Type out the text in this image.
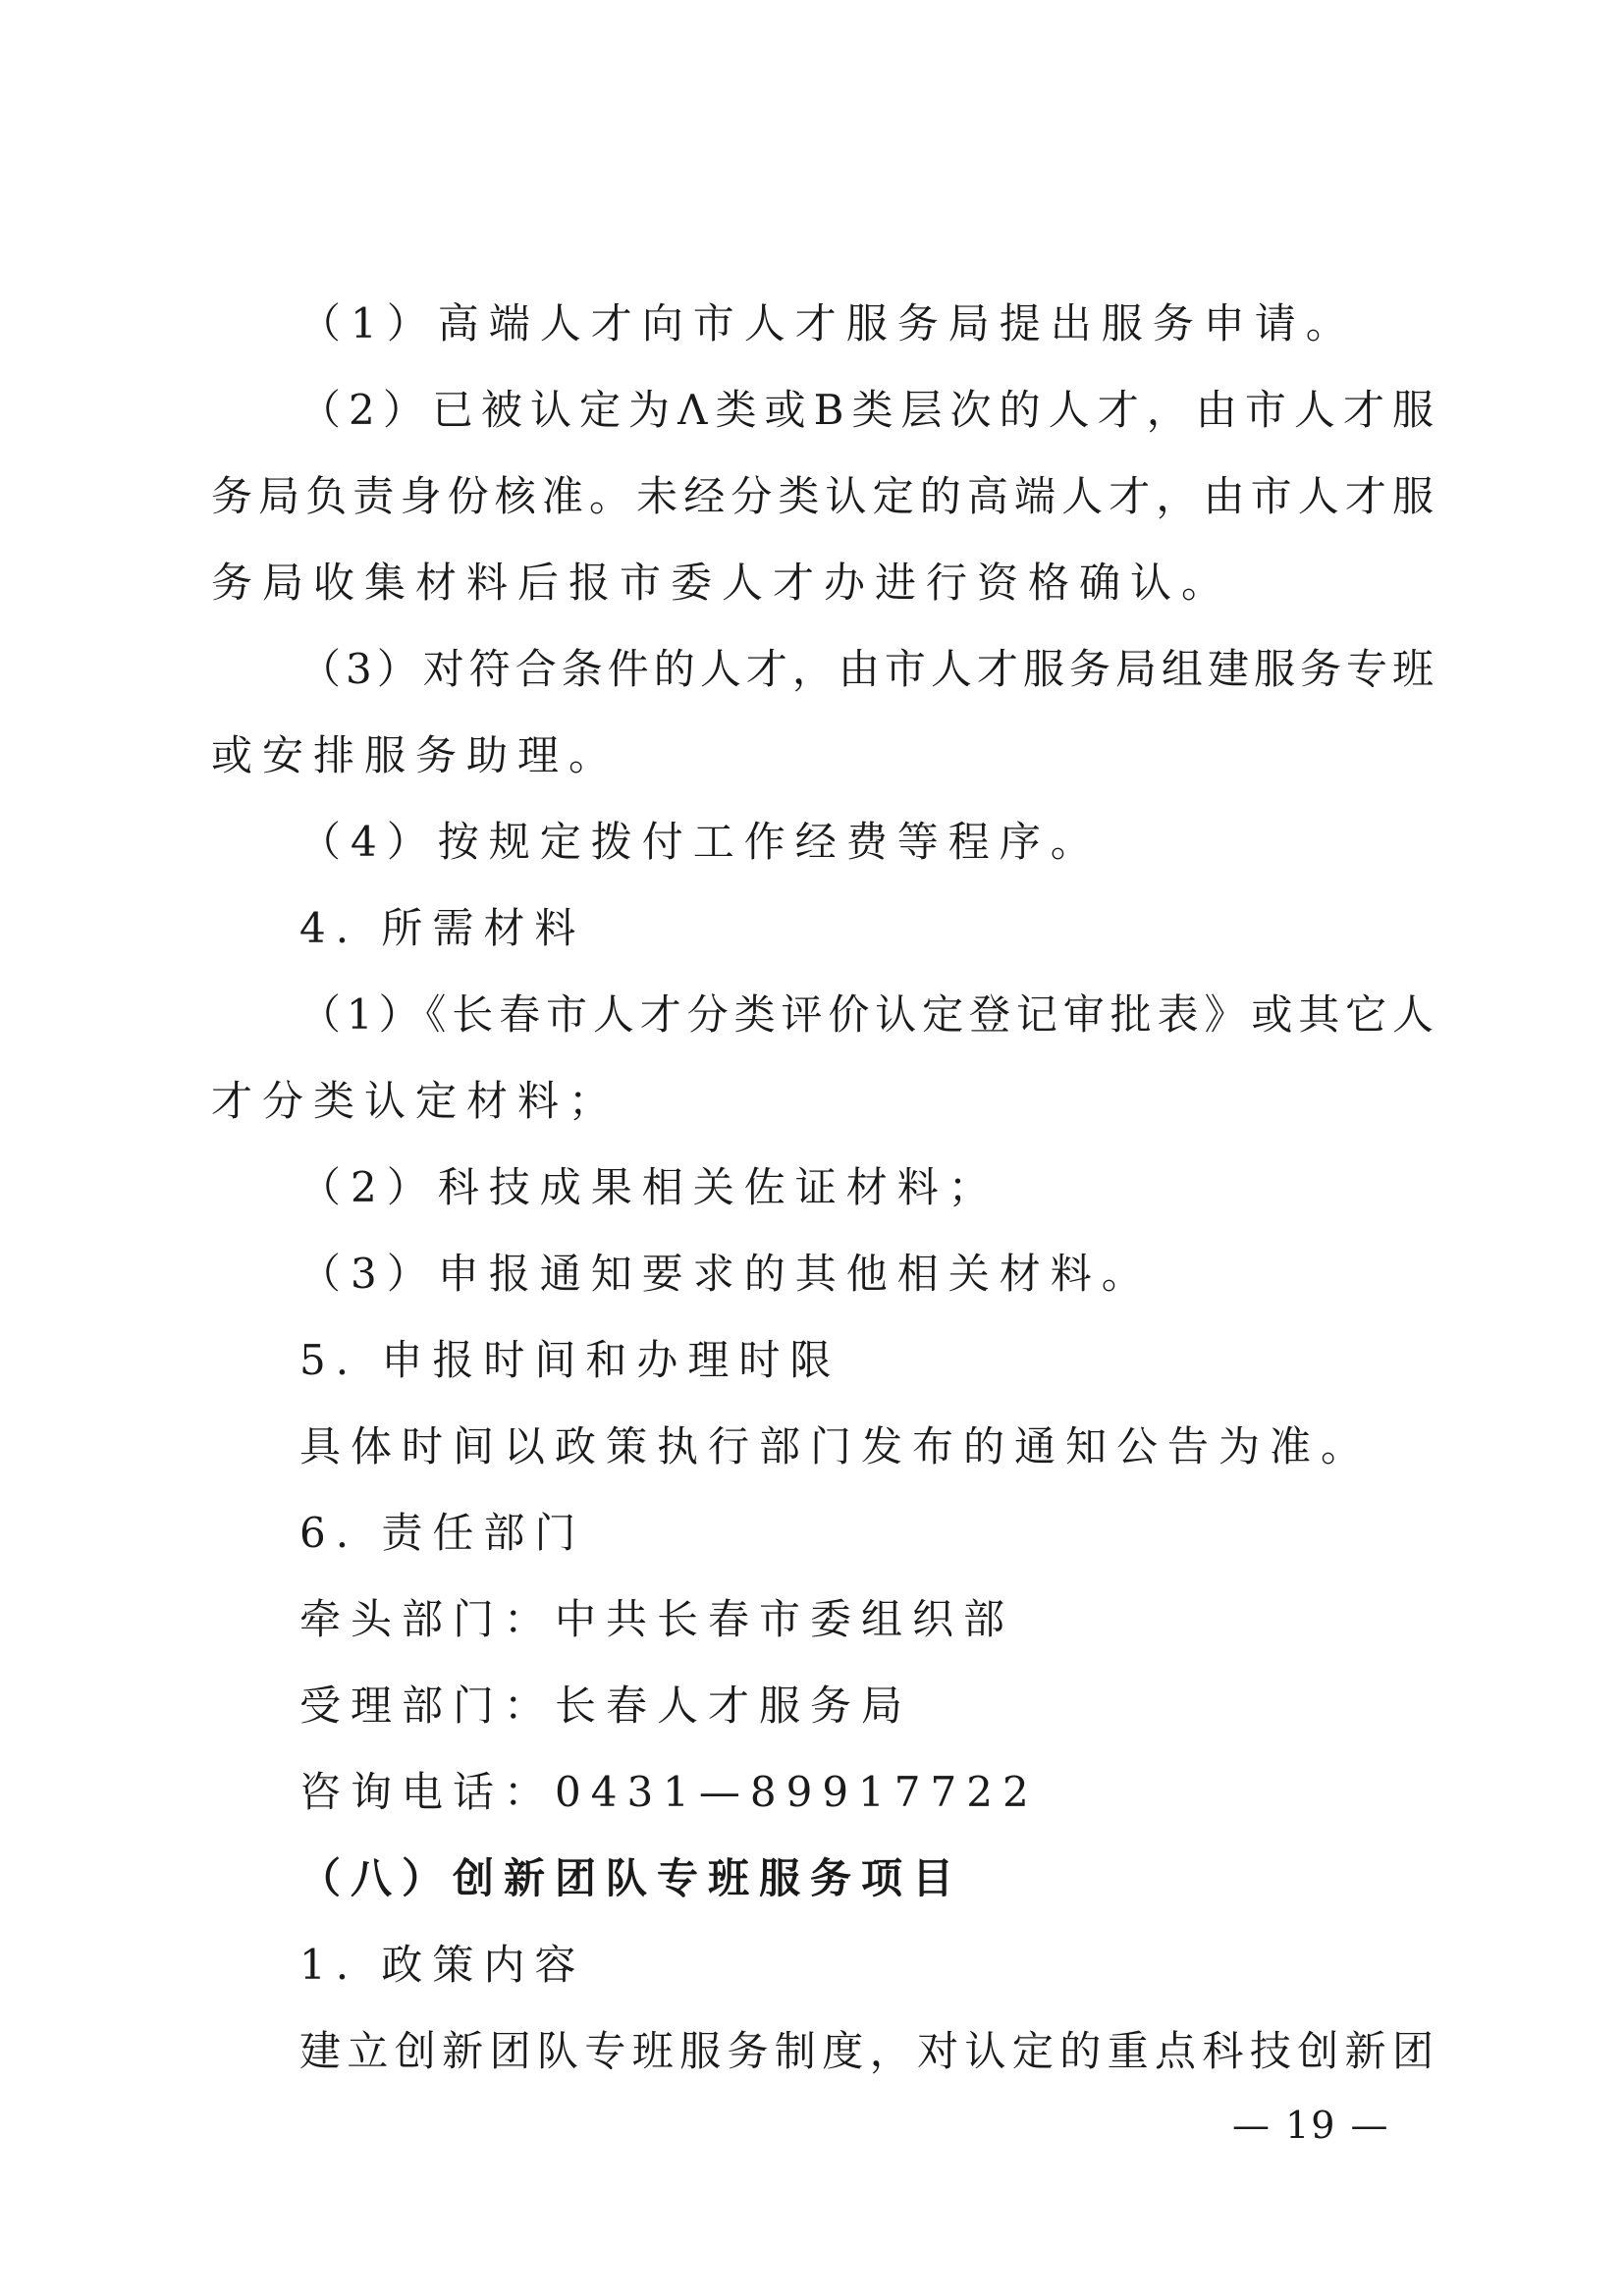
（1）高端人才向市人才服务局提出服务申请。
（2）已被认定为Λ类或B类层次的人才，由市人才服
务局负责身份核准。未经分类认定的高端人才，由市人才服
务局收集材料后报市委人才办进行资格确认。
（3）对符合条件的人才，由市人才服务局组建服务专班
或安排服务助理。
（4）按规定拨付工作经费等程序。
4. 所需材料
（1）《长春市人才分类评价认定登记审批表》或其它人
才分类认定材料；
（2）科技成果相关佐证材料；
（3）申报通知要求的其他相关材料。
5. 申报时间和办理时限
具体时间以政策执行部门发布的通知公告为准。
6. 责任部门
牵头部门：中共长春市委组织部
受理部门：长春人才服务局
咨询电话：0431—89917722
（八）创新团队专班服务项目
1. 政策内容
建立创新团队专班服务制度，对认定的重点科技创新团
— 19 —
